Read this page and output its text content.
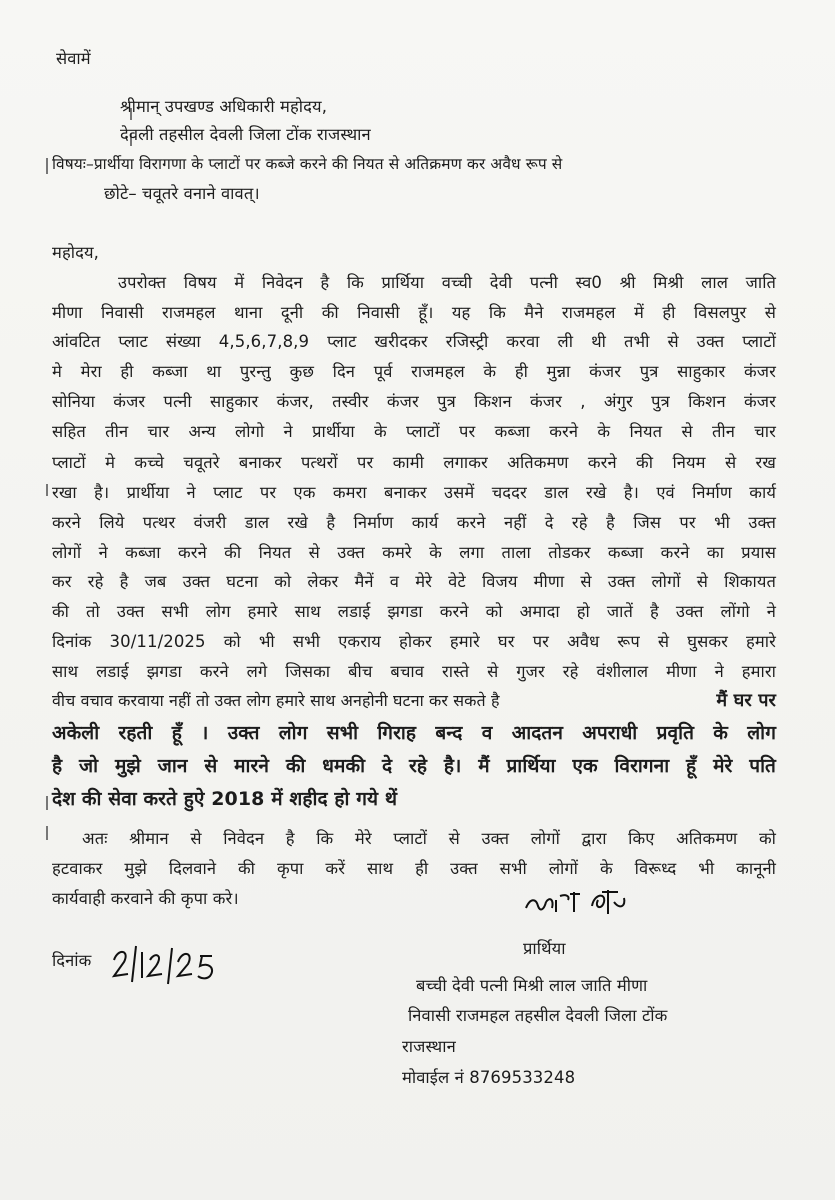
सेवामें
श्रीमान् उपखण्ड अधिकारी महोदय,
देवली तहसील देवली जिला टोंक राजस्थान
विषयः–प्रार्थीया विरागणा के प्लाटों पर कब्जे करने की नियत से अतिक्रमण कर अवैध रूप से
छोटे– चवूतरे वनाने वावत्।
महोदय,
उपरोक्त विषय में निवेदन है कि प्रार्थिया वच्ची देवी पत्नी स्व0 श्री मिश्री लाल जाति
मीणा निवासी राजमहल थाना दूनी की निवासी हूँ। यह कि मैने राजमहल में ही विसलपुर से
आंवटित प्लाट संख्या 4,5,6,7,8,9 प्लाट खरीदकर रजिस्ट्री करवा ली थी तभी से उक्त प्लाटों
मे मेरा ही कब्जा था पुरन्तु कुछ दिन पूर्व राजमहल के ही मुन्ना कंजर पुत्र साहुकार कंजर
सोनिया कंजर पत्नी साहुकार कंजर, तस्वीर कंजर पुत्र किशन कंजर , अंगुर पुत्र किशन कंजर
सहित तीन चार अन्य लोगो ने प्रार्थीया के प्लाटों पर कब्जा करने के नियत से तीन चार
प्लाटों मे कच्चे चवूतरे बनाकर पत्थरों पर कामी लगाकर अतिकमण करने की नियम से रख
रखा है। प्रार्थीया ने प्लाट पर एक कमरा बनाकर उसमें चददर डाल रखे है। एवं निर्माण कार्य
करने लिये पत्थर वंजरी डाल रखे है निर्माण कार्य करने नहीं दे रहे है जिस पर भी उक्त
लोगों ने कब्जा करने की नियत से उक्त कमरे के लगा ताला तोडकर कब्जा करने का प्रयास
कर रहे है जब उक्त घटना को लेकर मैनें व मेरे वेटे विजय मीणा से उक्त लोगों से शिकायत
की तो उक्त सभी लोग हमारे साथ लडाई झगडा करने को अमादा हो जातें है उक्त लोंगो ने
दिनांक 30/11/2025 को भी सभी एकराय होकर हमारे घर पर अवैध रूप से घुसकर हमारे
साथ लडाई झगडा करने लगे जिसका बीच बचाव रास्ते से गुजर रहे वंशीलाल मीणा ने हमारा
वीच वचाव करवाया नहीं तो उक्त लोग हमारे साथ अनहोनी घटना कर सकते है	मैं घर पर
अकेली रहती हूँ । उक्त लोग सभी गिराह बन्द व आदतन अपराधी प्रवृति के लोग
है जो मुझे जान से मारने की धमकी दे रहे है। मैं प्रार्थिया एक विरागना हूँ मेरे पति
देश की सेवा करते हुऐ 2018 में शहीद हो गये थें
अतः श्रीमान से निवेदन है कि मेरे प्लाटों से उक्त लोगों द्वारा किए अतिकमण को
हटवाकर मुझे दिलवाने की कृपा करें साथ ही उक्त सभी लोगों के विरूध्द भी कानूनी
कार्यवाही करवाने की कृपा करे।
दिनांक
प्रार्थिया
बच्ची देवी पत्नी मिश्री लाल जाति मीणा
निवासी राजमहल तहसील देवली जिला टोंक
राजस्थान
मोवाईल नं 8769533248
